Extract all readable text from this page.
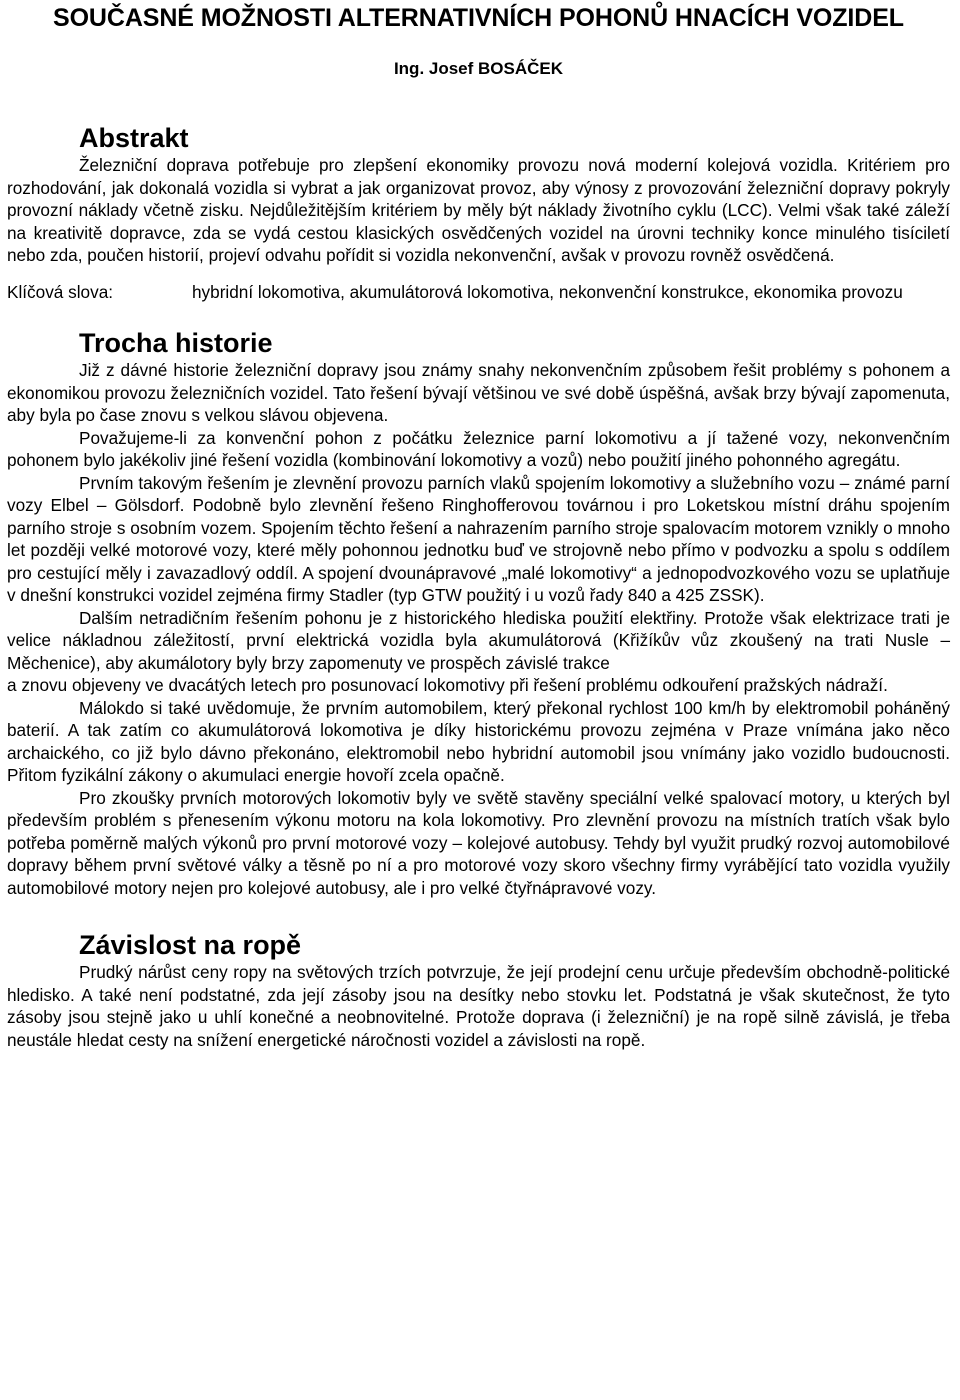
SOUČASNÉ MOŽNOSTI ALTERNATIVNÍCH POHONŮ HNACÍCH VOZIDEL
Ing. Josef BOSÁČEK
Abstrakt

Železniční doprava potřebuje pro zlepšení ekonomiky provozu nová moderní kolejová vozidla. Kritériem pro rozhodování, jak dokonalá vozidla si vybrat a jak organizovat provoz, aby výnosy z provozování železniční dopravy pokryly provozní náklady včetně zisku. Nejdůležitějším kritériem by měly být náklady životního cyklu (LCC). Velmi však také záleží na kreativitě dopravce, zda se vydá cestou klasických osvědčených vozidel na úrovni techniky konce minulého tisíciletí nebo zda, poučen historií, projeví odvahu pořídit si vozidla nekonvenční, avšak v provozu rovněž osvědčená.

Klíčová slova:	hybridní lokomotiva, akumulátorová lokomotiva, nekonvenční konstrukce, ekonomika provozu
Trocha historie

Již z dávné historie železniční dopravy jsou známy snahy nekonvenčním způsobem řešit problémy s pohonem a ekonomikou provozu železničních vozidel. Tato řešení bývají většinou ve své době úspěšná, avšak brzy bývají zapomenuta, aby byla po čase znovu s velkou slávou objevena.

Považujeme-li za konvenční pohon z počátku železnice parní lokomotivu a jí tažené vozy, nekonvenčním pohonem bylo jakékoliv jiné řešení vozidla (kombinování lokomotivy a vozů) nebo použití jiného pohonného agregátu.

Prvním takovým řešením je zlevnění provozu parních vlaků spojením lokomotivy a služebního vozu – známé parní vozy Elbel – Gölsdorf. Podobně bylo zlevnění řešeno Ringhofferovou továrnou i pro Loketskou místní dráhu spojením parního stroje s osobním vozem. Spojením těchto řešení a nahrazením parního stroje spalovacím motorem vznikly o mnoho let později velké motorové vozy, které měly pohonnou jednotku buď ve strojovně nebo přímo v podvozku a spolu s oddílem pro cestující měly i zavazadlový oddíl. A spojení dvounápravové „malé lokomotivy“ a jednopodvozkového vozu se uplatňuje v dnešní konstrukci vozidel zejména firmy Stadler (typ GTW použitý i u vozů řady 840 a 425 ZSSK).

Dalším netradičním řešením pohonu je z historického hlediska použití elektřiny. Protože však elektrizace trati je velice nákladnou záležitostí, první elektrická vozidla byla akumulátorová (Křižíkův vůz zkoušený na trati Nusle – Měchenice), aby akumálotory byly brzy zapomenuty ve prospěch závislé trakce

a znovu objeveny ve dvacátých letech pro posunovací lokomotivy při řešení problému odkouření pražských nádraží.

Málokdo si také uvědomuje, že prvním automobilem, který překonal rychlost 100 km/h by elektromobil poháněný baterií. A tak zatím co akumulátorová lokomotiva je díky historickému provozu zejména v Praze vnímána jako něco archaického, co již bylo dávno překonáno, elektromobil nebo hybridní automobil jsou vnímány jako vozidlo budoucnosti. Přitom fyzikální zákony o akumulaci energie hovoří zcela opačně.

Pro zkoušky prvních motorových lokomotiv byly ve světě stavěny speciální velké spalovací motory, u kterých byl především problém s přenesením výkonu motoru na kola lokomotivy. Pro zlevnění provozu na místních tratích však bylo potřeba poměrně malých výkonů pro první motorové vozy – kolejové autobusy. Tehdy byl využit prudký rozvoj automobilové dopravy během první světové války a těsně po ní a pro motorové vozy skoro všechny firmy vyrábějící tato vozidla využily automobilové motory nejen pro kolejové autobusy, ale i pro velké čtyřnápravové vozy.

Závislost na ropě

Prudký nárůst ceny ropy na světových trzích potvrzuje, že její prodejní cenu určuje především obchodně-politické hledisko. A také není podstatné, zda její zásoby jsou na desítky nebo stovku let. Podstatná je však skutečnost, že tyto zásoby jsou stejně jako u uhlí konečné a neobnovitelné. Protože doprava (i železniční) je na ropě silně závislá, je třeba neustále hledat cesty na snížení energetické náročnosti vozidel a závislosti na ropě.
